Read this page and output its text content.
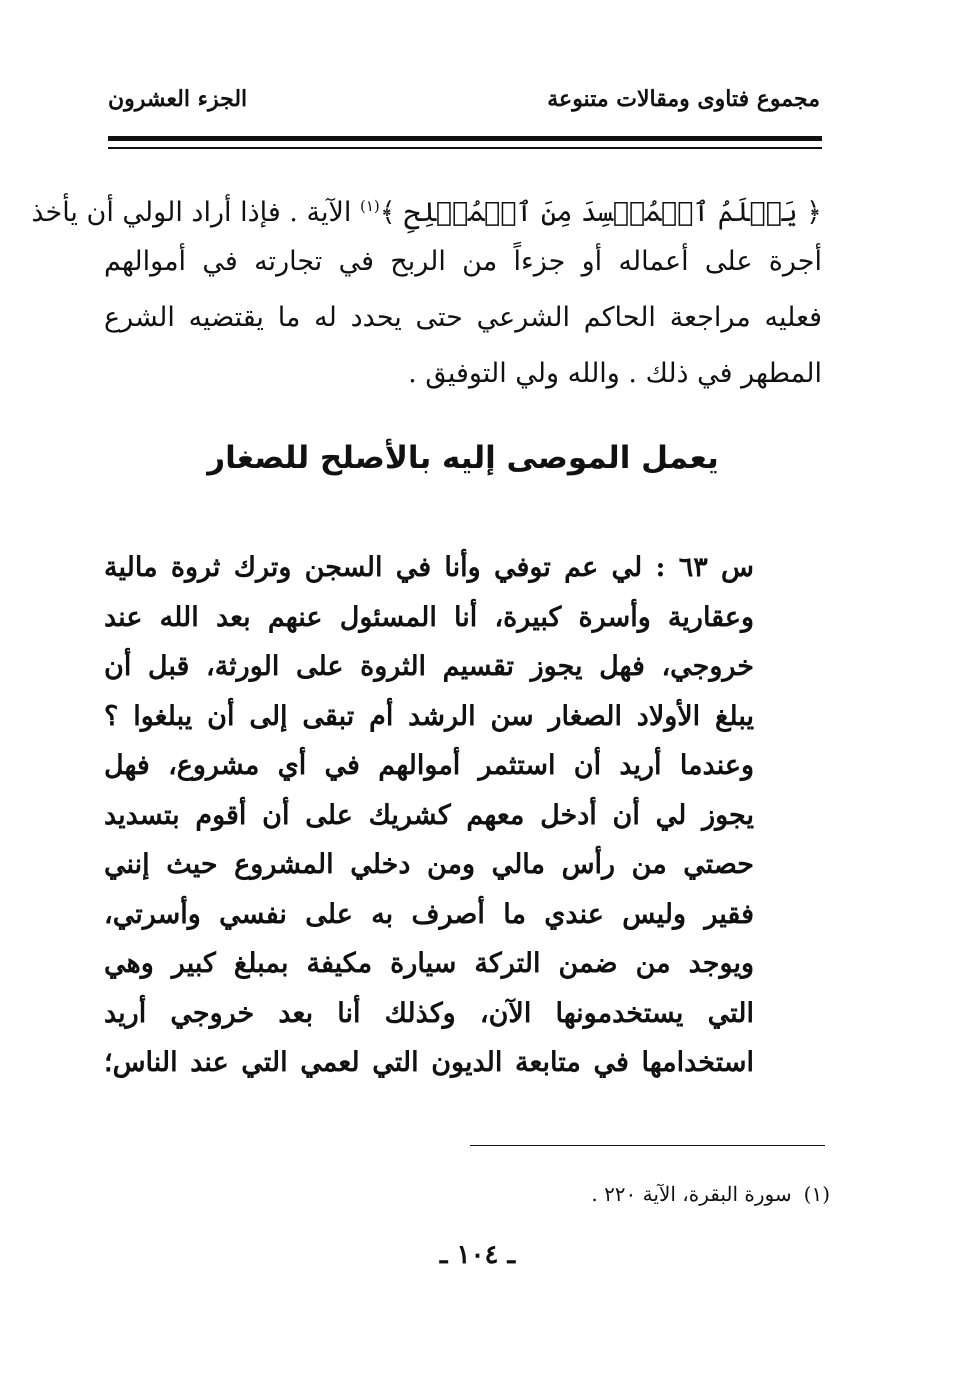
مجموع فتاوى ومقالات متنوعة
الجزء العشرون
﴿ يَعۡلَمُ ٱلۡمُفۡسِدَ مِنَ ٱلۡمُصۡلِحِ ﴾$^{(١)}$ الآية . فإذا أراد الولي أن يأخذ
أجرة على أعماله أو جزءاً من الربح في تجارته في أموالهم
فعليه مراجعة الحاكم الشرعي حتى يحدد له ما يقتضيه الشرع
المطهر في ذلك . والله ولي التوفيق .
يعمل الموصى إليه بالأصلح للصغار
س ٦٣ : لي عم توفي وأنا في السجن وترك ثروة مالية
وعقارية وأسرة كبيرة، أنا المسئول عنهم بعد الله عند
خروجي، فهل يجوز تقسيم الثروة على الورثة، قبل أن
يبلغ الأولاد الصغار سن الرشد أم تبقى إلى أن يبلغوا ؟
وعندما أريد أن استثمر أموالهم في أي مشروع، فهل
يجوز لي أن أدخل معهم كشريك على أن أقوم بتسديد
حصتي من رأس مالي ومن دخلي المشروع حيث إنني
فقير وليس عندي ما أصرف به على نفسي وأسرتي،
ويوجد من ضمن التركة سيارة مكيفة بمبلغ كبير وهي
التي يستخدمونها الآن، وكذلك أنا بعد خروجي أريد
استخدامها في متابعة الديون التي لعمي التي عند الناس؛
(١)سورة البقرة، الآية ٢٢٠ .
ـ ١٠٤ ـ
